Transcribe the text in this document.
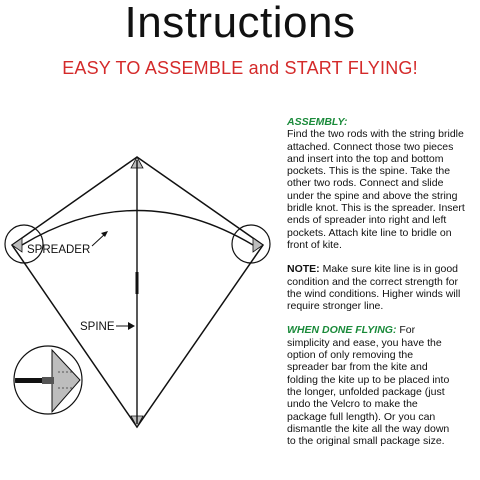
Instructions
EASY TO ASSEMBLE and START FLYING!
SPREADER
SPINE
ASSEMBLY:
Find the two rods with the string bridle
attached. Connect those two pieces
and insert into the top and bottom
pockets. This is the spine. Take the
other two rods. Connect and slide
under the spine and above the string
bridle knot. This is the spreader. Insert
ends of spreader into right and left
pockets. Attach kite line to bridle on
front of kite.
NOTE: Make sure kite line is in good
condition and the correct strength for
the wind conditions. Higher winds will
require stronger line.
WHEN DONE FLYING: For
simplicity and ease, you have the
option of only removing the
spreader bar from the kite and
folding the kite up to be placed into
the longer, unfolded package (just
undo the Velcro to make the
package full length). Or you can
dismantle the kite all the way down
to the original small package size.
